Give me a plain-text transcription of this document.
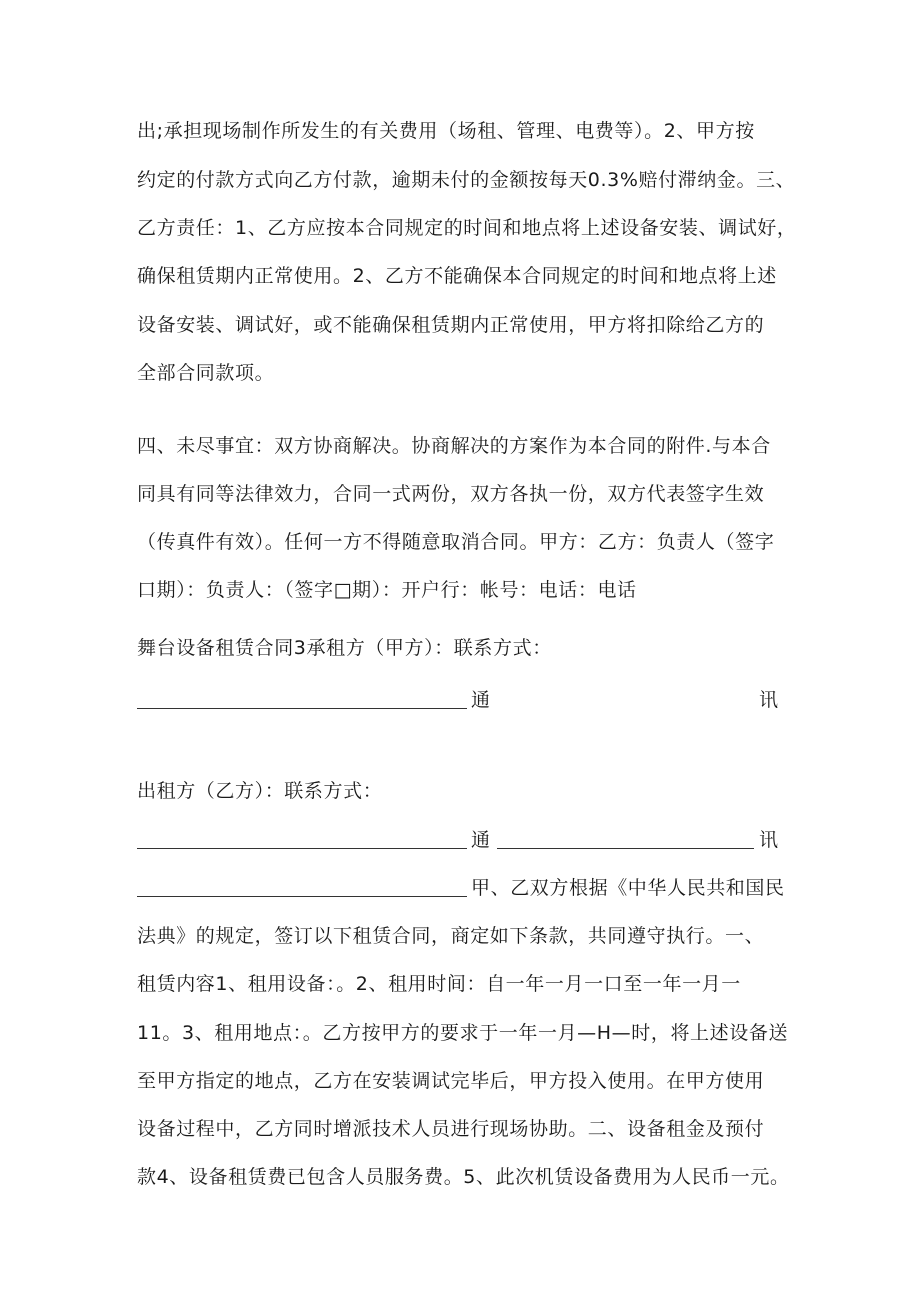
出;承担现场制作所发生的有关费用（场租、管理、电费等）。2、甲方按
约定的付款方式向乙方付款，逾期未付的金额按每天0.3%赔付滞纳金。三、
乙方责任：1、乙方应按本合同规定的时间和地点将上述设备安装、调试好，
确保租赁期内正常使用。2、乙方不能确保本合同规定的时间和地点将上述
设备安装、调试好，或不能确保租赁期内正常使用，甲方将扣除给乙方的
全部合同款项。
四、未尽事宜：双方协商解决。协商解决的方案作为本合同的附件.与本合
同具有同等法律效力，合同一式两份，双方各执一份，双方代表签字生效
（传真件有效）。任何一方不得随意取消合同。甲方：乙方：负责人（签字
口期）：负责人：（签字□期）：开户行：帐号：电话：电话
舞台设备租赁合同3承租方（甲方）：联系方式：
通	讯
出租方（乙方）：联系方式：
通	讯
甲、乙双方根据《中华人民共和国民
法典》的规定，签订以下租赁合同，商定如下条款，共同遵守执行。一、
租赁内容1、租用设备：。2、租用时间：自一年一月一口至一年一月一
11。3、租用地点：。乙方按甲方的要求于一年一月—H—时，将上述设备送
至甲方指定的地点，乙方在安装调试完毕后，甲方投入使用。在甲方使用
设备过程中，乙方同时增派技术人员进行现场协助。二、设备租金及预付
款4、设备租赁费已包含人员服务费。5、此次机赁设备费用为人民币一元。
